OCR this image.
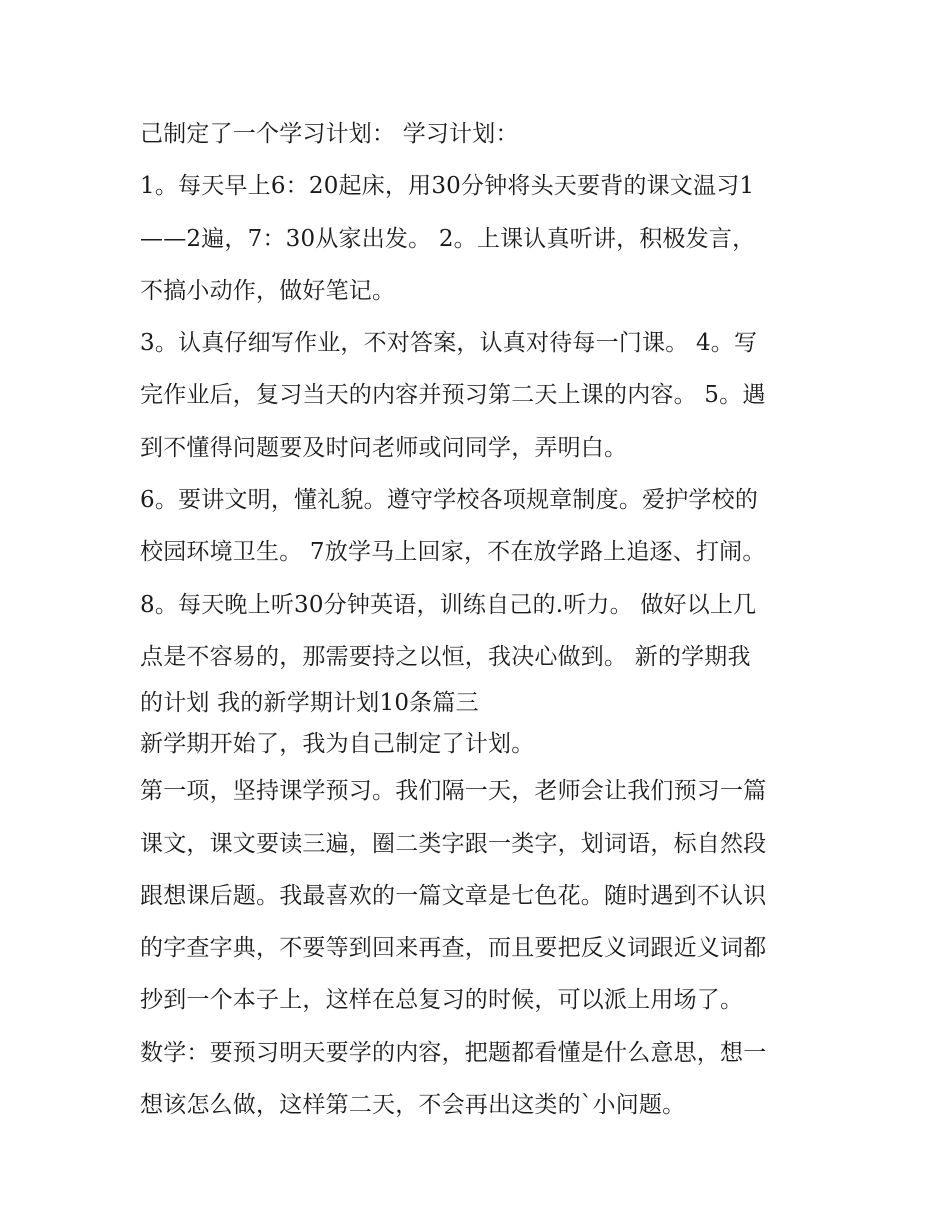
己制定了一个学习计划： 学习计划：
1。每天早上6：20起床，用30分钟将头天要背的课文温习1
——2遍，7：30从家出发。 2。上课认真听讲，积极发言，
不搞小动作，做好笔记。
3。认真仔细写作业，不对答案，认真对待每一门课。 4。写
完作业后，复习当天的内容并预习第二天上课的内容。 5。遇
到不懂得问题要及时问老师或问同学，弄明白。
6。要讲文明，懂礼貌。遵守学校各项规章制度。爱护学校的
校园环境卫生。 7放学马上回家，不在放学路上追逐、打闹。
8。每天晚上听30分钟英语，训练自己的.听力。 做好以上几
点是不容易的，那需要持之以恒，我决心做到。 新的学期我
的计划 我的新学期计划10条篇三
新学期开始了，我为自己制定了计划。
第一项，坚持课学预习。我们隔一天，老师会让我们预习一篇
课文，课文要读三遍，圈二类字跟一类字，划词语，标自然段
跟想课后题。我最喜欢的一篇文章是七色花。随时遇到不认识
的字查字典，不要等到回来再查，而且要把反义词跟近义词都
抄到一个本子上，这样在总复习的时候，可以派上用场了。
数学：要预习明天要学的内容，把题都看懂是什么意思，想一
想该怎么做，这样第二天，不会再出这类的`小问题。
